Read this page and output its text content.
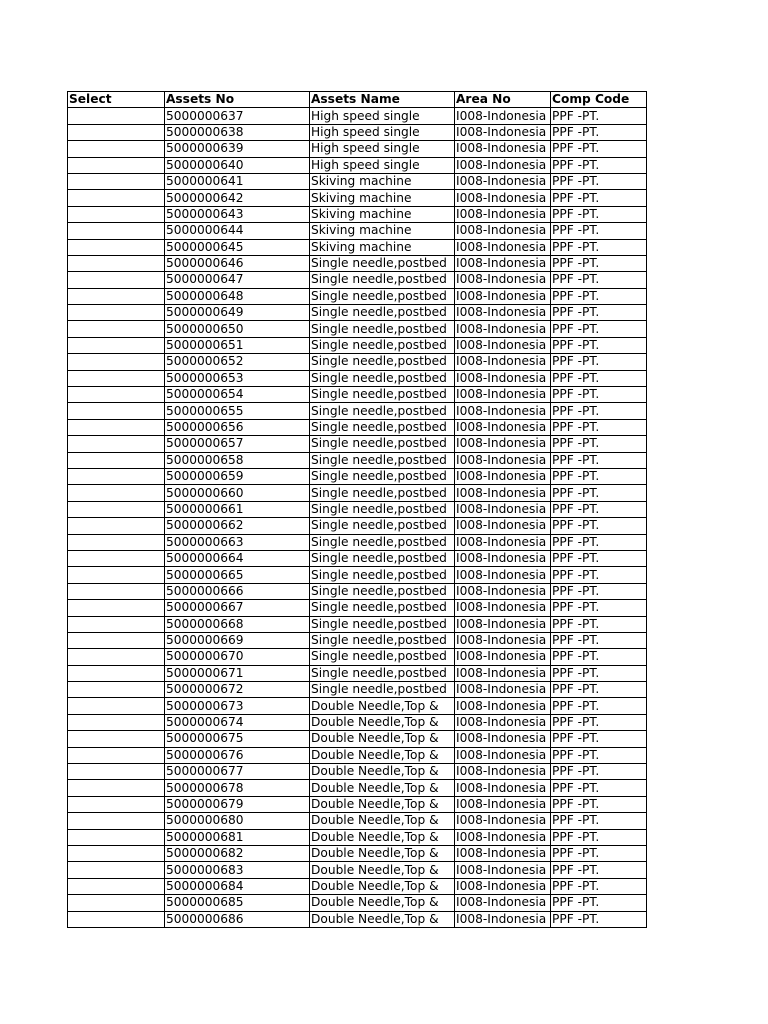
Select	Assets No	Assets Name	Area No	Comp Code
	5000000637	High speed single	I008-Indonesia	PPF -PT.
	5000000638	High speed single	I008-Indonesia	PPF -PT.
	5000000639	High speed single	I008-Indonesia	PPF -PT.
	5000000640	High speed single	I008-Indonesia	PPF -PT.
	5000000641	Skiving machine	I008-Indonesia	PPF -PT.
	5000000642	Skiving machine	I008-Indonesia	PPF -PT.
	5000000643	Skiving machine	I008-Indonesia	PPF -PT.
	5000000644	Skiving machine	I008-Indonesia	PPF -PT.
	5000000645	Skiving machine	I008-Indonesia	PPF -PT.
	5000000646	Single needle,postbed	I008-Indonesia	PPF -PT.
	5000000647	Single needle,postbed	I008-Indonesia	PPF -PT.
	5000000648	Single needle,postbed	I008-Indonesia	PPF -PT.
	5000000649	Single needle,postbed	I008-Indonesia	PPF -PT.
	5000000650	Single needle,postbed	I008-Indonesia	PPF -PT.
	5000000651	Single needle,postbed	I008-Indonesia	PPF -PT.
	5000000652	Single needle,postbed	I008-Indonesia	PPF -PT.
	5000000653	Single needle,postbed	I008-Indonesia	PPF -PT.
	5000000654	Single needle,postbed	I008-Indonesia	PPF -PT.
	5000000655	Single needle,postbed	I008-Indonesia	PPF -PT.
	5000000656	Single needle,postbed	I008-Indonesia	PPF -PT.
	5000000657	Single needle,postbed	I008-Indonesia	PPF -PT.
	5000000658	Single needle,postbed	I008-Indonesia	PPF -PT.
	5000000659	Single needle,postbed	I008-Indonesia	PPF -PT.
	5000000660	Single needle,postbed	I008-Indonesia	PPF -PT.
	5000000661	Single needle,postbed	I008-Indonesia	PPF -PT.
	5000000662	Single needle,postbed	I008-Indonesia	PPF -PT.
	5000000663	Single needle,postbed	I008-Indonesia	PPF -PT.
	5000000664	Single needle,postbed	I008-Indonesia	PPF -PT.
	5000000665	Single needle,postbed	I008-Indonesia	PPF -PT.
	5000000666	Single needle,postbed	I008-Indonesia	PPF -PT.
	5000000667	Single needle,postbed	I008-Indonesia	PPF -PT.
	5000000668	Single needle,postbed	I008-Indonesia	PPF -PT.
	5000000669	Single needle,postbed	I008-Indonesia	PPF -PT.
	5000000670	Single needle,postbed	I008-Indonesia	PPF -PT.
	5000000671	Single needle,postbed	I008-Indonesia	PPF -PT.
	5000000672	Single needle,postbed	I008-Indonesia	PPF -PT.
	5000000673	Double Needle,Top &	I008-Indonesia	PPF -PT.
	5000000674	Double Needle,Top &	I008-Indonesia	PPF -PT.
	5000000675	Double Needle,Top &	I008-Indonesia	PPF -PT.
	5000000676	Double Needle,Top &	I008-Indonesia	PPF -PT.
	5000000677	Double Needle,Top &	I008-Indonesia	PPF -PT.
	5000000678	Double Needle,Top &	I008-Indonesia	PPF -PT.
	5000000679	Double Needle,Top &	I008-Indonesia	PPF -PT.
	5000000680	Double Needle,Top &	I008-Indonesia	PPF -PT.
	5000000681	Double Needle,Top &	I008-Indonesia	PPF -PT.
	5000000682	Double Needle,Top &	I008-Indonesia	PPF -PT.
	5000000683	Double Needle,Top &	I008-Indonesia	PPF -PT.
	5000000684	Double Needle,Top &	I008-Indonesia	PPF -PT.
	5000000685	Double Needle,Top &	I008-Indonesia	PPF -PT.
	5000000686	Double Needle,Top &	I008-Indonesia	PPF -PT.
